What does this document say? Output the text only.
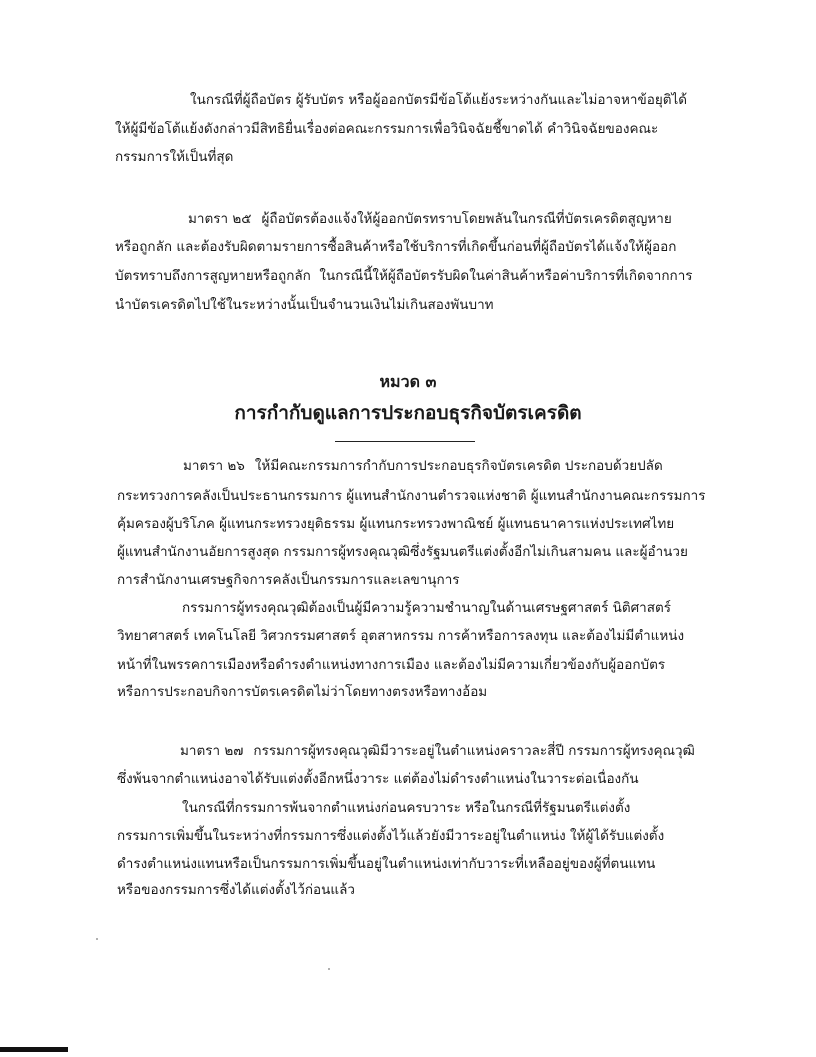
ในกรณีที่ผู้ถือบัตร ผู้รับบัตร หรือผู้ออกบัตรมีข้อโต้แย้งระหว่างกันและไม่อาจหาข้อยุติได้
ให้ผู้มีข้อโต้แย้งดังกล่าวมีสิทธิยื่นเรื่องต่อคณะกรรมการเพื่อวินิจฉัยชี้ขาดได้ คำวินิจฉัยของคณะ
กรรมการให้เป็นที่สุด
มาตรา ๒๕ ผู้ถือบัตรต้องแจ้งให้ผู้ออกบัตรทราบโดยพลันในกรณีที่บัตรเครดิตสูญหาย
หรือถูกลัก และต้องรับผิดตามรายการซื้อสินค้าหรือใช้บริการที่เกิดขึ้นก่อนที่ผู้ถือบัตรได้แจ้งให้ผู้ออก
บัตรทราบถึงการสูญหายหรือถูกลัก  ในกรณีนี้ให้ผู้ถือบัตรรับผิดในค่าสินค้าหรือค่าบริการที่เกิดจากการ
นำบัตรเครดิตไปใช้ในระหว่างนั้นเป็นจำนวนเงินไม่เกินสองพันบาท
หมวด ๓
การกำกับดูแลการประกอบธุรกิจบัตรเครดิต
มาตรา ๒๖ ให้มีคณะกรรมการกำกับการประกอบธุรกิจบัตรเครดิต ประกอบด้วยปลัด
กระทรวงการคลังเป็นประธานกรรมการ ผู้แทนสำนักงานตำรวจแห่งชาติ ผู้แทนสำนักงานคณะกรรมการ
คุ้มครองผู้บริโภค ผู้แทนกระทรวงยุติธรรม ผู้แทนกระทรวงพาณิชย์ ผู้แทนธนาคารแห่งประเทศไทย
ผู้แทนสำนักงานอัยการสูงสุด กรรมการผู้ทรงคุณวุฒิซึ่งรัฐมนตรีแต่งตั้งอีกไม่เกินสามคน และผู้อำนวย
การสำนักงานเศรษฐกิจการคลังเป็นกรรมการและเลขานุการ
กรรมการผู้ทรงคุณวุฒิต้องเป็นผู้มีความรู้ความชำนาญในด้านเศรษฐศาสตร์ นิติศาสตร์
วิทยาศาสตร์ เทคโนโลยี วิศวกรรมศาสตร์ อุตสาหกรรม การค้าหรือการลงทุน และต้องไม่มีตำแหน่ง
หน้าที่ในพรรคการเมืองหรือดำรงตำแหน่งทางการเมือง และต้องไม่มีความเกี่ยวข้องกับผู้ออกบัตร
หรือการประกอบกิจการบัตรเครดิตไม่ว่าโดยทางตรงหรือทางอ้อม
มาตรา ๒๗ กรรมการผู้ทรงคุณวุฒิมีวาระอยู่ในตำแหน่งคราวละสี่ปี กรรมการผู้ทรงคุณวุฒิ
ซึ่งพ้นจากตำแหน่งอาจได้รับแต่งตั้งอีกหนึ่งวาระ แต่ต้องไม่ดำรงตำแหน่งในวาระต่อเนื่องกัน
ในกรณีที่กรรมการพ้นจากตำแหน่งก่อนครบวาระ หรือในกรณีที่รัฐมนตรีแต่งตั้ง
กรรมการเพิ่มขึ้นในระหว่างที่กรรมการซึ่งแต่งตั้งไว้แล้วยังมีวาระอยู่ในตำแหน่ง ให้ผู้ได้รับแต่งตั้ง
ดำรงตำแหน่งแทนหรือเป็นกรรมการเพิ่มขึ้นอยู่ในตำแหน่งเท่ากับวาระที่เหลืออยู่ของผู้ที่ตนแทน
หรือของกรรมการซึ่งได้แต่งตั้งไว้ก่อนแล้ว
